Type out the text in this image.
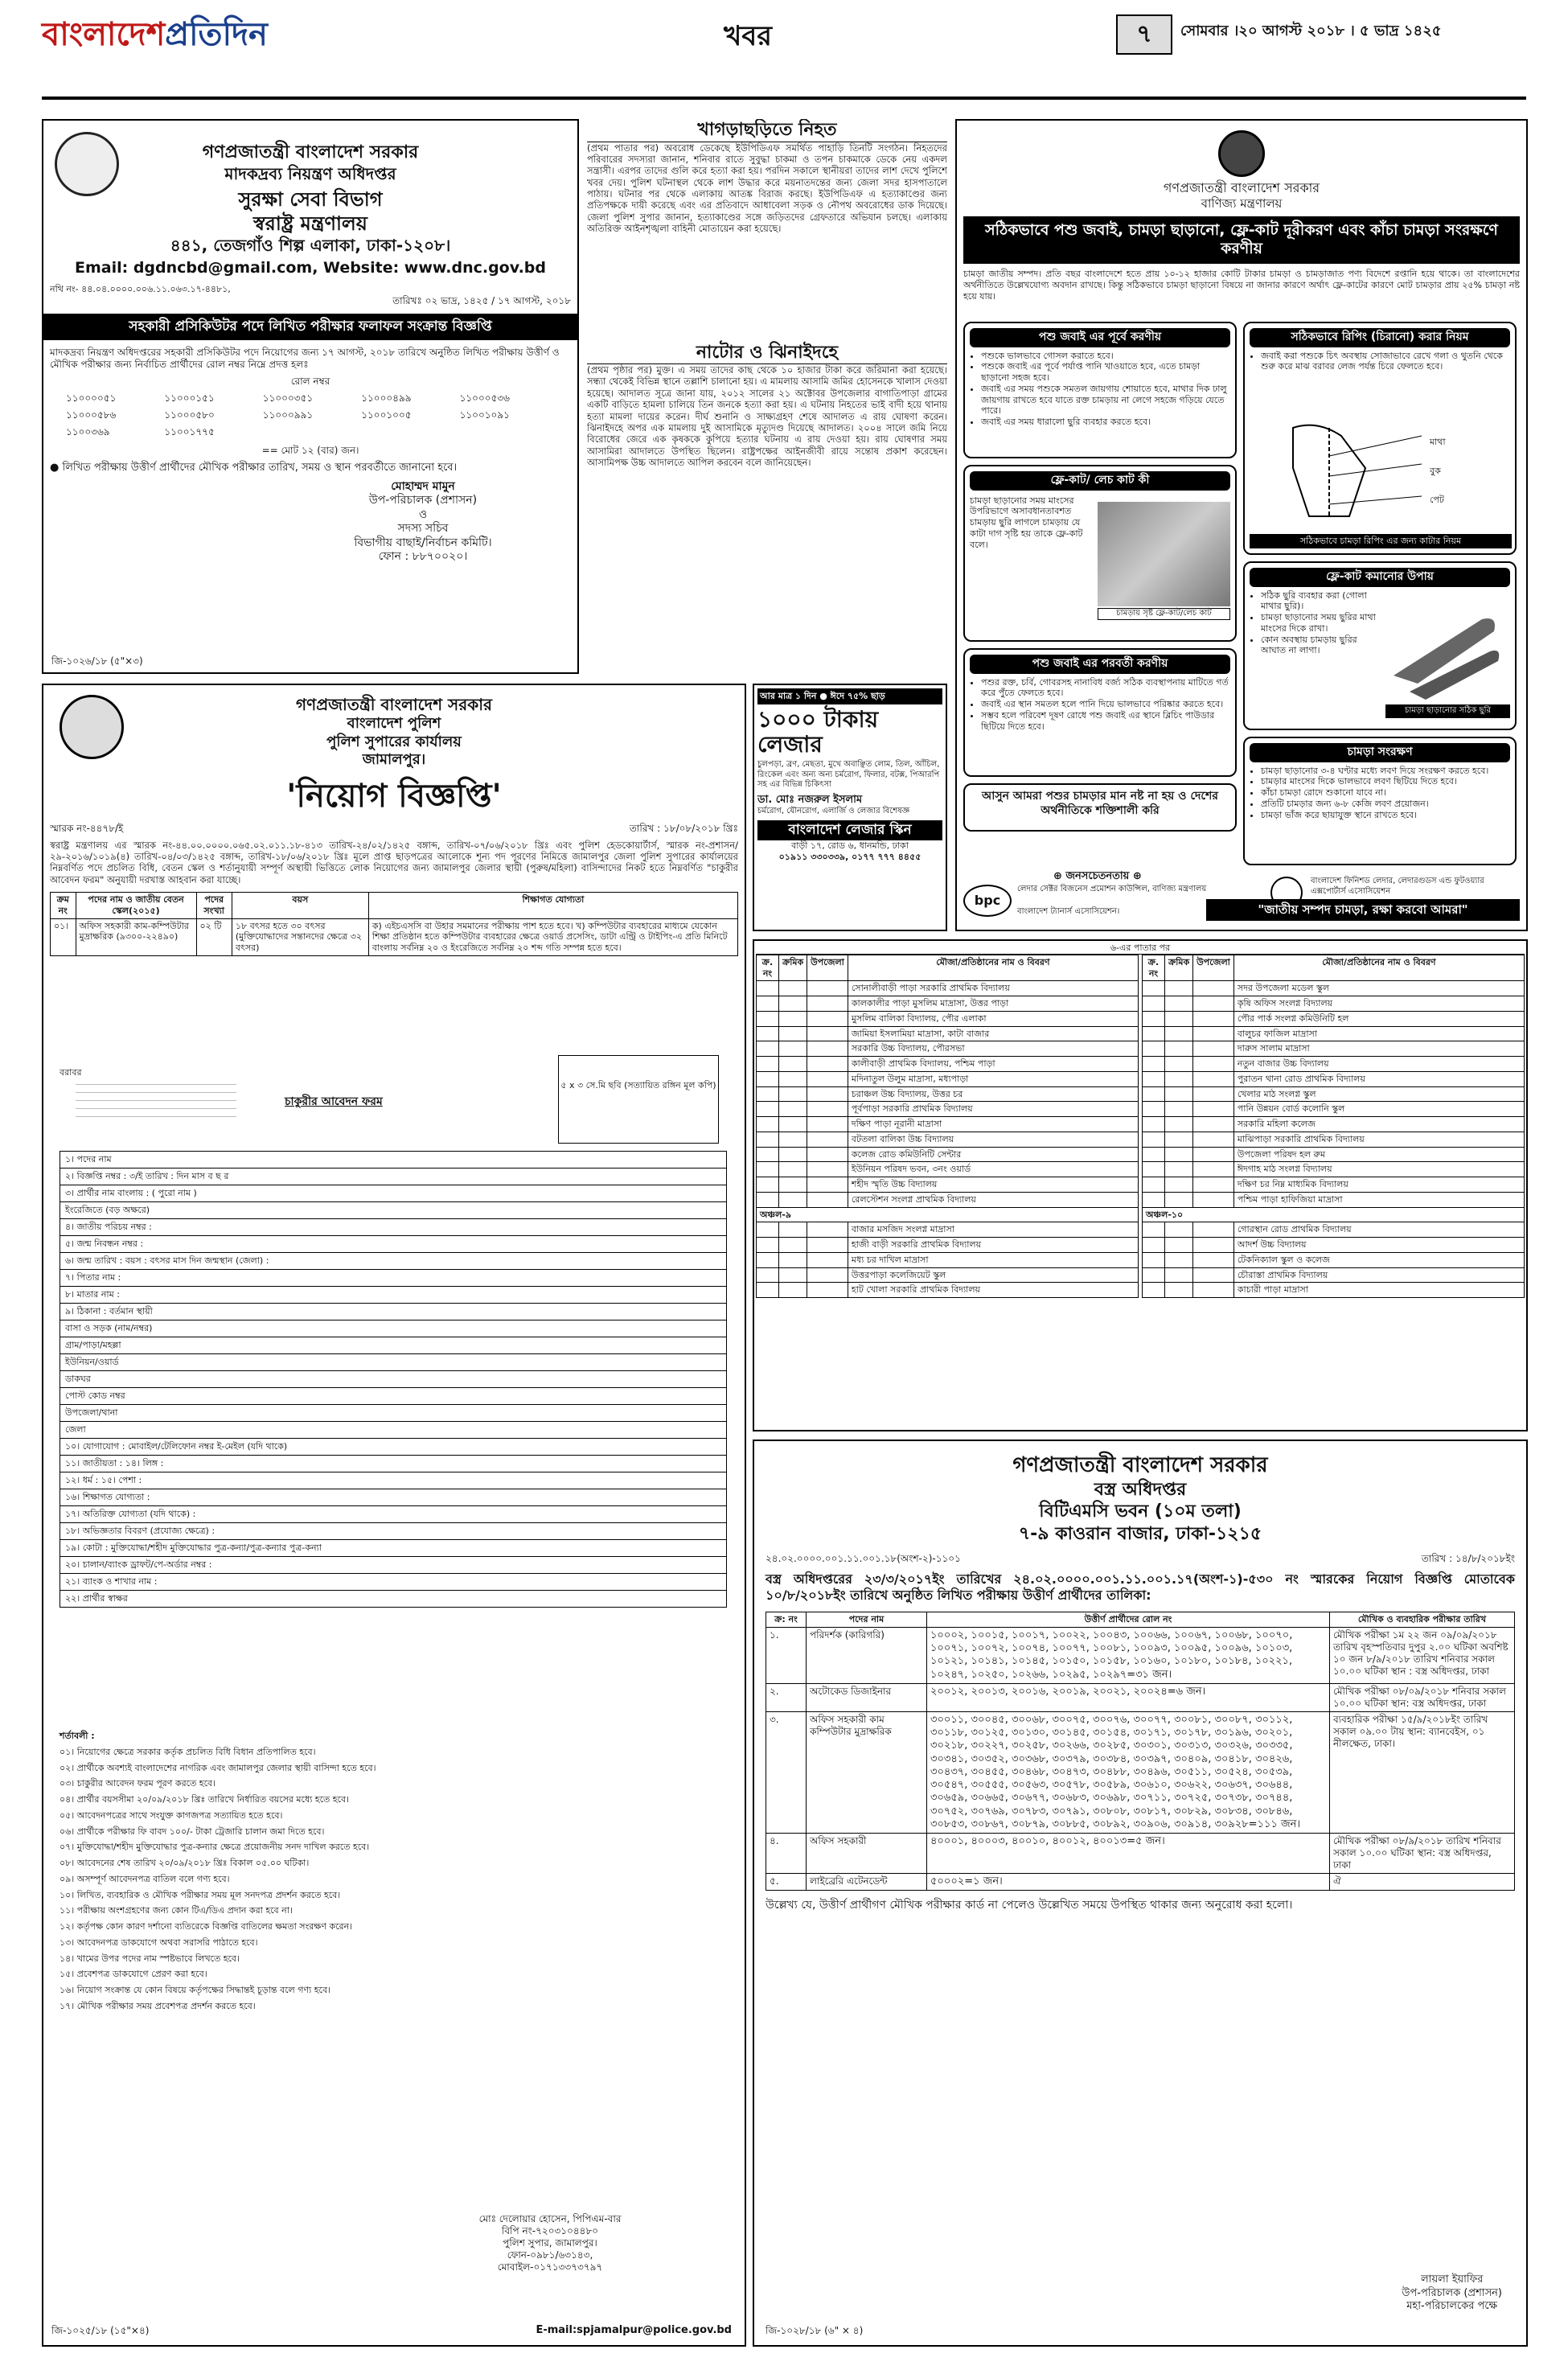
বাংলাদেশপ্রতিদিন	খবর	৭	সোমবার ।২০ আগস্ট ২০১৮ । ৫ ভাদ্র ১৪২৫
গণপ্রজাতন্ত্রী বাংলাদেশ সরকার
মাদকদ্রব্য নিয়ন্ত্রণ অধিদপ্তর
সুরক্ষা সেবা বিভাগ
স্বরাষ্ট্র মন্ত্রণালয়
৪৪১, তেজগাঁও শিল্প এলাকা, ঢাকা-১২০৮।
Email: dgdncbd@gmail.com, Website: www.dnc.gov.bd
নথি নং- ৪৪.০৪.০০০০.০০৬.১১.০৬৩.১৭-৪৪৮১,
তারিখঃ ০২ ভাদ্র, ১৪২৫ / ১৭ আগস্ট, ২০১৮
সহকারী প্রসিকিউটর পদে লিখিত পরীক্ষার ফলাফল সংক্রান্ত বিজ্ঞপ্তি
মাদকদ্রব্য নিয়ন্ত্রণ অধিদপ্তরের সহকারী প্রসিকিউটর পদে নিয়োগের জন্য ১৭ আগস্ট, ২০১৮ তারিখে অনুষ্ঠিত লিখিত পরীক্ষায় উত্তীর্ণ ও মৌখিক পরীক্ষার জন্য নির্বাচিত প্রার্থীদের রোল নম্বর নিম্নে প্রদত্ত হলঃ
রোল নম্বর
১১০০০০৫১	১১০০০১৫১	১১০০০৩৫১	১১০০০৪৯৯	১১০০০৫৩৬
১১০০০৫৮৬	১১০০০৫৮০	১১০০০৯৯১	১১০০১০০৫	১১০০১০৯১
১১০০৩৬৯	১১০০১৭৭৫
== মোট ১২ (বার) জন।
● লিখিত পরীক্ষায় উত্তীর্ণ প্রার্থীদের মৌখিক পরীক্ষার তারিখ, সময় ও স্থান পরবর্তীতে জানানো হবে।
মোহাম্মদ মামুন
উপ-পরিচালক (প্রশাসন)
ও
সদস্য সচিব
বিভাগীয় বাছাই/নির্বাচন কমিটি।
ফোন : ৮৮৭০০২০।
জি-১০২৬/১৮ (৫"×৩)
খাগড়াছড়িতে নিহত
(প্রথম পাতার পর) অবরোধ ডেকেছে ইউপিডিএফ সমর্থিত পাহাড়ি তিনটি সংগঠন। নিহতদের পরিবারের সদস্যরা জানান, শনিবার রাতে সুবুদ্ধা চাকমা ও তপন চাকমাকে ডেকে নেয় একদল সন্ত্রাসী। এরপর তাদের গুলি করে হত্যা করা হয়। পরদিন সকালে স্থানীয়রা তাদের লাশ দেখে পুলিশে খবর দেয়। পুলিশ ঘটনাস্থল থেকে লাশ উদ্ধার করে ময়নাতদন্তের জন্য জেলা সদর হাসপাতালে পাঠায়। ঘটনার পর থেকে এলাকায় আতঙ্ক বিরাজ করছে। ইউপিডিএফ এ হত্যাকাণ্ডের জন্য প্রতিপক্ষকে দায়ী করেছে এবং এর প্রতিবাদে আধাবেলা সড়ক ও নৌপথ অবরোধের ডাক দিয়েছে। জেলা পুলিশ সুপার জানান, হত্যাকাণ্ডের সঙ্গে জড়িতদের গ্রেফতারে অভিযান চলছে। এলাকায় অতিরিক্ত আইনশৃঙ্খলা বাহিনী মোতায়েন করা হয়েছে।
নাটোর ও ঝিনাইদহে
(প্রথম পৃষ্ঠার পর) মুক্ত। এ সময় তাদের কাছ থেকে ১০ হাজার টাকা করে জরিমানা করা হয়েছে। সন্ধ্যা থেকেই বিভিন্ন স্থানে তল্লাশি চালানো হয়। এ মামলায় আসামি জমির হোসেনকে খালাস দেওয়া হয়েছে। আদালত সূত্রে জানা যায়, ২০১২ সালের ২১ অক্টোবর উপজেলার বাগাতিপাড়া গ্রামের একটি বাড়িতে হামলা চালিয়ে তিন জনকে হত্যা করা হয়। এ ঘটনায় নিহতের ভাই বাদী হয়ে থানায় হত্যা মামলা দায়ের করেন। দীর্ঘ শুনানি ও সাক্ষ্যগ্রহণ শেষে আদালত এ রায় ঘোষণা করেন। ঝিনাইদহে অপর এক মামলায় দুই আসামিকে মৃত্যুদণ্ড দিয়েছে আদালত। ২০০৪ সালে জমি নিয়ে বিরোধের জেরে এক কৃষককে কুপিয়ে হত্যার ঘটনায় এ রায় দেওয়া হয়। রায় ঘোষণার সময় আসামিরা আদালতে উপস্থিত ছিলেন। রাষ্ট্রপক্ষের আইনজীবী রায়ে সন্তোষ প্রকাশ করেছেন। আসামিপক্ষ উচ্চ আদালতে আপিল করবেন বলে জানিয়েছেন।
আর মাত্র ১ দিন ● ঈদে ৭৫% ছাড়
১০০০ টাকায় লেজার
চুলপড়া, ব্রণ, মেছতা, মুখে অবাঞ্ছিত লোম, তিল, আঁচিল, রিংকেল এবং অন্য অন্য চর্মরোগ, ফিলার, বটক্স, পিআরপি সহ এর বিভিন্ন চিকিৎসা
ডা. মোঃ নজরুল ইসলাম
চর্মরোগ, যৌনরোগ, এলার্জি ও লেজার বিশেষজ্ঞ
বাংলাদেশ লেজার স্কিন
বাড়ী ১৭, রোড ৬, ধানমন্ডি, ঢাকা
০১৯১১ ৩৩০৩৩৯, ০১৭৭ ৭৭৭ ৪৪৫৫
গণপ্রজাতন্ত্রী বাংলাদেশ সরকার
বাণিজ্য মন্ত্রণালয়
সঠিকভাবে পশু জবাই, চামড়া ছাড়ানো, ফ্লে-কাট দূরীকরণ এবং কাঁচা চামড়া সংরক্ষণে করণীয়
চামড়া জাতীয় সম্পদ। প্রতি বছর বাংলাদেশে হতে প্রায় ১০-১২ হাজার কোটি টাকার চামড়া ও চামড়াজাত পণ্য বিদেশে রপ্তানি হয়ে থাকে। তা বাংলাদেশের অর্থনীতিতে উল্লেখযোগ্য অবদান রাখছে। কিন্তু সঠিকভাবে চামড়া ছাড়ানো বিষয়ে না জানার কারণে অর্থাৎ ফ্লে-কাটের কারণে মোট চামড়ার প্রায় ২৫% চামড়া নষ্ট হয়ে যায়।
পশু জবাই এর পূর্বে করণীয়
• পশুকে ভালভাবে গোসল করাতে হবে।
• পশুকে জবাই এর পূর্বে পর্যাপ্ত পানি খাওয়াতে হবে, এতে চামড়া ছাড়ানো সহজ হবে।
• জবাই এর সময় পশুকে সমতল জায়গায় শোয়াতে হবে, মাথার দিক ঢালু জায়গায় রাখতে হবে যাতে রক্ত চামড়ায় না লেগে সহজে গড়িয়ে যেতে পারে।
• জবাই এর সময় ধারালো ছুরি ব্যবহার করতে হবে।
সঠিকভাবে রিপিং (চিরানো) করার নিয়ম
• জবাই করা পশুকে চিৎ অবস্থায় সোজাভাবে রেখে গলা ও থুতনি থেকে শুরু করে মাঝ বরাবর লেজ পর্যন্ত চিরে ফেলতে হবে।
মাথা
বুক
পেট
সঠিকভাবে চামড়া রিপিং এর জন্য কাটার নিয়ম
ফ্লে-কাট/ লেচ কাট কী
চামড়া ছাড়ানোর সময় মাংসের উপরিভাগে অসাবধানতাবশত চামড়ায় ছুরি লাগলে চামড়ায় যে কাটা দাগ সৃষ্টি হয় তাকে ফ্লে-কাট বলে।
চামড়ায় সৃষ্ট ফ্লে-কাট/লেচ কাট
ফ্লে-কাট কমানোর উপায়
• সঠিক ছুরি ব্যবহার করা (গোলা মাথার ছুরি)।
• চামড়া ছাড়ানোর সময় ছুরির মাথা মাংসের দিকে রাখা।
• কোন অবস্থায় চামড়ায় ছুরির আঘাত না লাগা।
চামড়া ছাড়ানোর সঠিক ছুরি
পশু জবাই এর পরবর্তী করণীয়
• পশুর রক্ত, চর্বি, গোবরসহ নানাবিধ বর্জ্য সঠিক ব্যবস্থাপনায় মাটিতে গর্ত করে পুঁতে ফেলতে হবে।
• জবাই এর স্থান সমতল হলে পানি দিয়ে ভালভাবে পরিষ্কার করতে হবে।
• সম্ভব হলে পরিবেশ দূষণ রোধে পশু জবাই এর স্থানে ব্লিচিং পাউডার ছিটিয়ে দিতে হবে।
চামড়া সংরক্ষণ
• চামড়া ছাড়ানোর ৩-৪ ঘণ্টার মধ্যে লবণ দিয়ে সংরক্ষণ করতে হবে।
• চামড়ার মাংসের দিকে ভালভাবে লবণ ছিটিয়ে দিতে হবে।
• কাঁচা চামড়া রোদে শুকানো যাবে না।
• প্রতিটি চামড়ার জন্য ৬-৮ কেজি লবণ প্রয়োজন।
• চামড়া ভাঁজ করে ছায়াযুক্ত স্থানে রাখতে হবে।
আসুন আমরা পশুর চামড়ার মান নষ্ট না হয় ও দেশের অর্থনীতিকে শক্তিশালী করি
⊕ জনসচেতনতায় ⊕
bpc
লেদার সেক্টর বিজনেস প্রমোশন কাউন্সিল, বাণিজ্য মন্ত্রণালয়
বাংলাদেশ ফিনিশড লেদার, লেদারগুডস এন্ড ফুটওয়্যার এক্সপোর্টার্স এসোসিয়েশন
বাংলাদেশ ট্যানার্স এসোসিয়েশন।	"জাতীয় সম্পদ চামড়া, রক্ষা করবো আমরা"
গণপ্রজাতন্ত্রী বাংলাদেশ সরকার
বাংলাদেশ পুলিশ
পুলিশ সুপারের কার্যালয়
জামালপুর।
'নিয়োগ বিজ্ঞপ্তি'
স্মারক নং-৪৪৭৮/ই	তারিখ : ১৮/০৮/২০১৮ খ্রিঃ
স্বরাষ্ট্র মন্ত্রণালয় এর স্মারক নং-৪৪.০০.০০০০.০৬৫.০২.০১১.১৮-৪১৩ তারিখ-২৪/০২/১৪২৫ বঙ্গাব্দ, তারিখ-০৭/০৬/২০১৮ খ্রিঃ এবং পুলিশ হেডকোয়ার্টার্স, স্মারক নং-প্রশাসন/২৯-২০১৬/১০১৯(৪) তারিখ-০৪/০৩/১৪২৫ বঙ্গাব্দ, তারিখ-১৮/০৬/২০১৮ খ্রিঃ মূলে প্রাপ্ত ছাড়পত্রের আলোকে শূন্য পদ পূরণের নিমিত্তে জামালপুর জেলা পুলিশ সুপারের কার্যালয়ের নিম্নবর্ণিত পদে প্রচলিত বিধি, বেতন স্কেল ও শর্তানুযায়ী সম্পূর্ণ অস্থায়ী ভিত্তিতে লোক নিয়োগের জন্য জামালপুর জেলার স্থায়ী (পুরুষ/মহিলা) বাসিন্দাদের নিকট হতে নিম্নবর্ণিত "চাকুরীর আবেদন ফরম" অনুযায়ী দরখাস্ত আহবান করা যাচ্ছে।
ক্রম নং	পদের নাম ও জাতীয় বেতন স্কেল(২০১৫)	পদের সংখ্যা	বয়স	শিক্ষাগত যোগ্যতা
০১।	অফিস সহকারী কাম-কম্পিউটার মুদ্রাক্ষরিক (৯৩০০-২২৪৯০)	০২ টি	১৮ বৎসর হতে ৩০ বৎসর (মুক্তিযোদ্ধাদের সন্তানদের ক্ষেত্রে ৩২ বৎসর)	ক) এইচএসসি বা উহার সমমানের পরীক্ষায় পাশ হতে হবে। খ) কম্পিউটার ব্যবহারের মাধ্যমে যেকোন শিক্ষা প্রতিষ্ঠান হতে কম্পিউটার ব্যবহারের ক্ষেত্রে ওয়ার্ড প্রসেসিং, ডাটা এন্ট্রি ও টাইপিং-এ প্রতি মিনিটে বাংলায় সর্বনিম্ন ২০ ও ইংরেজিতে সর্বনিম্ন ২০ শব্দ গতি সম্পন্ন হতে হবে।
৫ x ৩ সে.মি ছবি (সত্যায়িত রঙ্গিন মূল কপি)
চাকুরীর আবেদন ফরম
বরাবর
১। পদের নাম
২। বিজ্ঞপ্তি নম্বর : ৩/ই তারিখ : দিন মাস ব ছ র
৩। প্রার্থীর নাম বাংলায় : ( পুরো নাম )
ইংরেজিতে (বড় অক্ষরে)
৪। জাতীয় পরিচয় নম্বর :
৫। জন্ম নিবন্ধন নম্বর :
৬। জন্ম তারিখ : বয়স : বৎসর মাস দিন জন্মস্থান (জেলা) :
৭। পিতার নাম :
৮। মাতার নাম :
৯। ঠিকানা : বর্তমান স্থায়ী
বাসা ও সড়ক (নাম/নম্বর)
গ্রাম/পাড়া/মহল্লা
ইউনিয়ন/ওয়ার্ড
ডাকঘর
পোস্ট কোড নম্বর
উপজেলা/থানা
জেলা
১০। যোগাযোগ : মোবাইল/টেলিফোন নম্বর ই-মেইল (যদি থাকে)
১১। জাতীয়তা : ১৪। লিঙ্গ :
১২। ধর্ম : ১৫। পেশা :
১৬। শিক্ষাগত যোগ্যতা :
১৭। অতিরিক্ত যোগ্যতা (যদি থাকে) :
১৮। অভিজ্ঞতার বিবরণ (প্রযোজ্য ক্ষেত্রে) :
১৯। কোটা : মুক্তিযোদ্ধা/শহীদ মুক্তিযোদ্ধার পুত্র-কন্যা/পুত্র-কন্যার পুত্র-কন্যা
২০। চালান/ব্যাংক ড্রাফট/পে-অর্ডার নম্বর :
২১। ব্যাংক ও শাখার নাম :
২২। প্রার্থীর স্বাক্ষর
শর্তাবলী :
০১। নিয়োগের ক্ষেত্রে সরকার কর্তৃক প্রচলিত বিধি বিধান প্রতিপালিত হবে।
০২। প্রার্থীকে অবশ্যই বাংলাদেশের নাগরিক এবং জামালপুর জেলার স্থায়ী বাসিন্দা হতে হবে।
০৩। চাকুরীর আবেদন ফরম পূরণ করতে হবে।
০৪। প্রার্থীর বয়সসীমা ২০/০৯/২০১৮ খ্রিঃ তারিখে নির্ধারিত বয়সের মধ্যে হতে হবে।
০৫। আবেদনপত্রের সাথে সংযুক্ত কাগজপত্র সত্যায়িত হতে হবে।
০৬। প্রার্থীকে পরীক্ষার ফি বাবদ ১০০/- টাকা ট্রেজারি চালান জমা দিতে হবে।
০৭। মুক্তিযোদ্ধা/শহীদ মুক্তিযোদ্ধার পুত্র-কন্যার ক্ষেত্রে প্রয়োজনীয় সনদ দাখিল করতে হবে।
০৮। আবেদনের শেষ তারিখ ২০/০৯/২০১৮ খ্রিঃ বিকাল ০৫.০০ ঘটিকা।
০৯। অসম্পূর্ণ আবেদনপত্র বাতিল বলে গণ্য হবে।
১০। লিখিত, ব্যবহারিক ও মৌখিক পরীক্ষার সময় মূল সনদপত্র প্রদর্শন করতে হবে।
১১। পরীক্ষায় অংশগ্রহণের জন্য কোন টিএ/ডিএ প্রদান করা হবে না।
১২। কর্তৃপক্ষ কোন কারণ দর্শানো ব্যতিরেকে বিজ্ঞপ্তি বাতিলের ক্ষমতা সংরক্ষণ করেন।
১৩। আবেদনপত্র ডাকযোগে অথবা সরাসরি পাঠাতে হবে।
১৪। খামের উপর পদের নাম স্পষ্টভাবে লিখতে হবে।
১৫। প্রবেশপত্র ডাকযোগে প্রেরণ করা হবে।
১৬। নিয়োগ সংক্রান্ত যে কোন বিষয়ে কর্তৃপক্ষের সিদ্ধান্তই চূড়ান্ত বলে গণ্য হবে।
১৭। মৌখিক পরীক্ষার সময় প্রবেশপত্র প্রদর্শন করতে হবে।
মোঃ দেলোয়ার হোসেন, পিপিএম-বার
বিপি নং-৭২০৩১০৪৪৮০
পুলিশ সুপার, জামালপুর।
ফোন-০৯৮১/৬৩১৪৩,
মোবাইল-০১৭১৩৩৭৩৭৯৭
জি-১০২৫/১৮ (১৫"×৪)	E-mail:spjamalpur@police.gov.bd
৬-এর পাতার পর
ক্র. নং	ক্রমিক	উপজেলা	মৌজা/প্রতিষ্ঠানের নাম ও বিবরণ
			সোনালীবাড়ী পাড়া সরকারি প্রাথমিক বিদ্যালয়
			কালকালীর পাড়া মুসলিম মাদ্রাসা, উত্তর পাড়া
			মুসলিম বালিকা বিদ্যালয়, পৌর এলাকা
			জামিয়া ইসলামিয়া মাদ্রাসা, কাটা বাজার
			সরকারি উচ্চ বিদ্যালয়, পৌরসভা
			কালীবাড়ী প্রাথমিক বিদ্যালয়, পশ্চিম পাড়া
			মদিনাতুল উলুম মাদ্রাসা, মধ্যপাড়া
			চরাঞ্চল উচ্চ বিদ্যালয়, উত্তর চর
			পূর্বপাড়া সরকারি প্রাথমিক বিদ্যালয়
			দক্ষিণ পাড়া নূরানী মাদ্রাসা
			বটতলা বালিকা উচ্চ বিদ্যালয়
			কলেজ রোড কমিউনিটি সেন্টার
			ইউনিয়ন পরিষদ ভবন, ৩নং ওয়ার্ড
			শহীদ স্মৃতি উচ্চ বিদ্যালয়
			রেলস্টেশন সংলগ্ন প্রাথমিক বিদ্যালয়
অঞ্চল-৯			
			বাজার মসজিদ সংলগ্ন মাদ্রাসা
			হাজী বাড়ী সরকারি প্রাথমিক বিদ্যালয়
			মধ্য চর দাখিল মাদ্রাসা
			উত্তরপাড়া কলেজিয়েট স্কুল
			হাট খোলা সরকারি প্রাথমিক বিদ্যালয়
ক্র. নং	ক্রমিক	উপজেলা	মৌজা/প্রতিষ্ঠানের নাম ও বিবরণ
			সদর উপজেলা মডেল স্কুল
			কৃষি অফিস সংলগ্ন বিদ্যালয়
			পৌর পার্ক সংলগ্ন কমিউনিটি হল
			বালুচর ফাজিল মাদ্রাসা
			দারুস সালাম মাদ্রাসা
			নতুন বাজার উচ্চ বিদ্যালয়
			পুরাতন থানা রোড প্রাথমিক বিদ্যালয়
			খেলার মাঠ সংলগ্ন স্কুল
			পানি উন্নয়ন বোর্ড কলোনি স্কুল
			সরকারি মহিলা কলেজ
			মাঝিপাড়া সরকারি প্রাথমিক বিদ্যালয়
			উপজেলা পরিষদ হল রুম
			ঈদগাহ মাঠ সংলগ্ন বিদ্যালয়
			দক্ষিণ চর নিম্ন মাধ্যমিক বিদ্যালয়
			পশ্চিম পাড়া হাফিজিয়া মাদ্রাসা
অঞ্চল-১০			
			গোরস্থান রোড প্রাথমিক বিদ্যালয়
			আদর্শ উচ্চ বিদ্যালয়
			টেকনিক্যাল স্কুল ও কলেজ
			চৌরাস্তা প্রাথমিক বিদ্যালয়
			কাচারী পাড়া মাদ্রাসা
গণপ্রজাতন্ত্রী বাংলাদেশ সরকার
বস্ত্র অধিদপ্তর
বিটিএমসি ভবন (১০ম তলা)
৭-৯ কাওরান বাজার, ঢাকা-১২১৫
২৪.০২.০০০০.০০১.১১.০০১.১৮(অংশ-২)-১১০১	তারিখ : ১৪/৮/২০১৮ইং
বস্ত্র অধিদপ্তরের ২৩/৩/২০১৭ইং তারিখের ২৪.০২.০০০০.০০১.১১.০০১.১৭(অংশ-১)-৫৩০ নং স্মারকের নিয়োগ বিজ্ঞপ্তি মোতাবেক ১০/৮/২০১৮ইং তারিখে অনুষ্ঠিত লিখিত পরীক্ষায় উত্তীর্ণ প্রার্থীদের তালিকা:
ক্র: নং	পদের নাম	উত্তীর্ণ প্রার্থীদের রোল নং	মৌখিক ও ব্যবহারিক পরীক্ষার তারিখ
১.	পরিদর্শক (কারিগরি)	১০০০২, ১০০১৫, ১০০১৭, ১০০২২, ১০০৪৩, ১০০৬৬, ১০০৬৭, ১০০৬৮, ১০০৭০, ১০০৭১, ১০০৭২, ১০০৭৪, ১০০৭৭, ১০০৮১, ১০০৯৩, ১০০৯৫, ১০০৯৬, ১০১০৩, ১০১২১, ১০১৪১, ১০১৪৫, ১০১৫০, ১০১৫৮, ১০১৬০, ১০১৮০, ১০১৮৪, ১০২২১, ১০২৪৭, ১০২৫০, ১০২৬৬, ১০২৯৫, ১০২৯৭=৩১ জন।	মৌখিক পরীক্ষা ১ম ২২ জন ০৯/০৯/২০১৮ তারিখ বৃহস্পতিবার দুপুর ২.০০ ঘটিকা অবশিষ্ট ১০ জন ৮/৯/২০১৮ তারিখ শনিবার সকাল ১০.০০ ঘটিকা স্থান : বস্ত্র অধিদপ্তর, ঢাকা
২.	অটোকেড ডিজাইনার	২০০১২, ২০০১৩, ২০০১৬, ২০০১৯, ২০০২১, ২০০২৪=৬ জন।	মৌখিক পরীক্ষা ০৮/০৯/২০১৮ শনিবার সকাল ১০.০০ ঘটিকা স্থান: বস্ত্র অধিদপ্তর, ঢাকা
৩.	অফিস সহকারী কাম কম্পিউটার মুদ্রাক্ষরিক	৩০০১১, ৩০০৪৫, ৩০০৬৮, ৩০০৭৫, ৩০০৭৬, ৩০০৭৭, ৩০০৮১, ৩০০৮৭, ৩০১১২, ৩০১১৮, ৩০১২৫, ৩০১৩০, ৩০১৪৫, ৩০১৫৪, ৩০১৭১, ৩০১৭৮, ৩০১৯৬, ৩০২০১, ৩০২১৮, ৩০২২৭, ৩০২৫৮, ৩০২৬৬, ৩০২৮৫, ৩০৩০১, ৩০৩১৩, ৩০৩২৬, ৩০৩৩৫, ৩০৩৪১, ৩০৩৫২, ৩০৩৬৮, ৩০৩৭৯, ৩০৩৮৪, ৩০৩৯৭, ৩০৪০৯, ৩০৪১৮, ৩০৪২৬, ৩০৪৩৭, ৩০৪৫৫, ৩০৪৬৮, ৩০৪৭৩, ৩০৪৮৮, ৩০৪৯৬, ৩০৫১১, ৩০৫২৪, ৩০৫৩৯, ৩০৫৪৭, ৩০৫৫৫, ৩০৫৬৩, ৩০৫৭৮, ৩০৫৮৯, ৩০৬১০, ৩০৬২২, ৩০৬৩৭, ৩০৬৪৪, ৩০৬৫৯, ৩০৬৬৫, ৩০৬৭৭, ৩০৬৮৩, ৩০৬৯৮, ৩০৭১১, ৩০৭২৫, ৩০৭৩৮, ৩০৭৪৪, ৩০৭৫২, ৩০৭৬৯, ৩০৭৮৩, ৩০৭৯১, ৩০৮০৮, ৩০৮১৭, ৩০৮২৯, ৩০৮৩৪, ৩০৮৪৬, ৩০৮৫৩, ৩০৮৬৭, ৩০৮৭৯, ৩০৮৮৫, ৩০৮৯২, ৩০৯০৬, ৩০৯১৪, ৩০৯২৮=১১১ জন।	ব্যবহারিক পরীক্ষা ১৫/৯/২০১৮ইং তারিখ সকাল ০৯.০০ টায় স্থান: ব্যানবেইস, ০১ নীলক্ষেত, ঢাকা।
৪.	অফিস সহকারী	৪০০০১, ৪০০০৩, ৪০০১০, ৪০০১২, ৪০০১৩=৫ জন।	মৌখিক পরীক্ষা ০৮/৯/২০১৮ তারিখ শনিবার সকাল ১০.০০ ঘটিকা স্থান: বস্ত্র অধিদপ্তর, ঢাকা
৫.	লাইব্রেরি এটেনডেন্ট	৫০০০২=১ জন।	ঐ
উল্লেখ্য যে, উত্তীর্ণ প্রার্থীগণ মৌখিক পরীক্ষার কার্ড না পেলেও উল্লেখিত সময়ে উপস্থিত থাকার জন্য অনুরোধ করা হলো।
লায়লা ইয়াফির
উপ-পরিচালক (প্রশাসন)
মহা-পরিচালকের পক্ষে
জি-১০২৮/১৮ (৬" × ৪)
